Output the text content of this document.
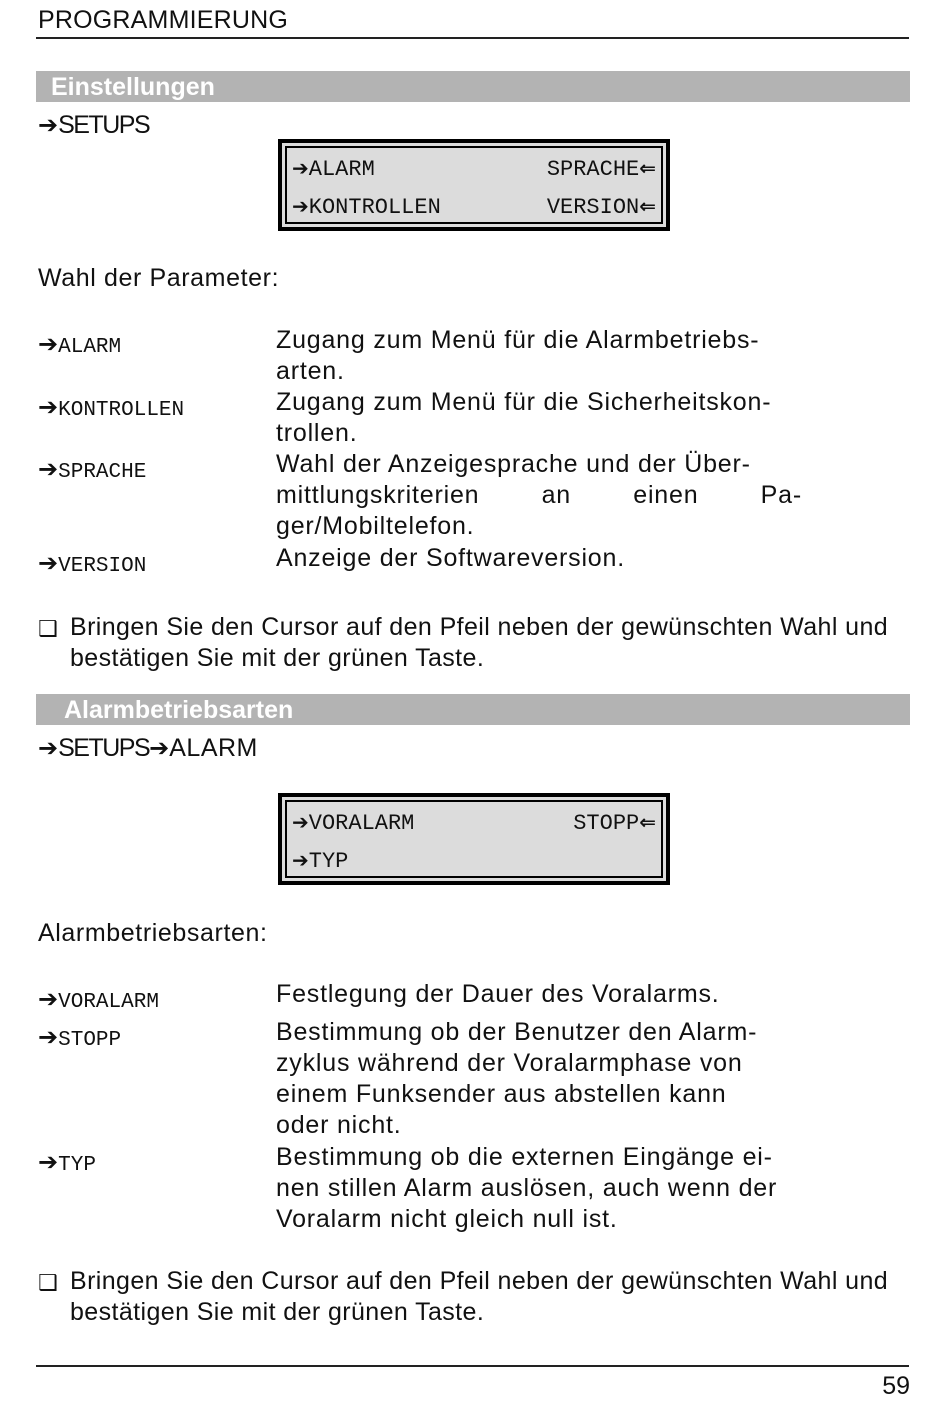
PROGRAMMIERUNG
Einstellungen
➔SETUPS
➔ALARM	SPRACHE⇐
➔KONTROLLEN	VERSION⇐
Wahl der Parameter:
➔ALARM	Zugang zum Menü für die Alarmbetriebs-
arten.
➔KONTROLLEN	Zugang zum Menü für die Sicherheitskon-
trollen.
➔SPRACHE	Wahl der Anzeigesprache und der Über-
mittlungskriterien an einen Pa-
ger/Mobiltelefon.
➔VERSION	Anzeige der Softwareversion.
❑ Bringen Sie den Cursor auf den Pfeil neben der gewünschten Wahl und bestätigen Sie mit der grünen Taste.
Alarmbetriebsarten
➔SETUPS➔ALARM
➔VORALARM	STOPP⇐
➔TYP
Alarmbetriebsarten:
➔VORALARM	Festlegung der Dauer des Voralarms.
➔STOPP	Bestimmung ob der Benutzer den Alarm-
zyklus während der Voralarmphase von
einem Funksender aus abstellen kann
oder nicht.
➔TYP	Bestimmung ob die externen Eingänge ei-
nen stillen Alarm auslösen, auch wenn der
Voralarm nicht gleich null ist.
❑ Bringen Sie den Cursor auf den Pfeil neben der gewünschten Wahl und bestätigen Sie mit der grünen Taste.
59
